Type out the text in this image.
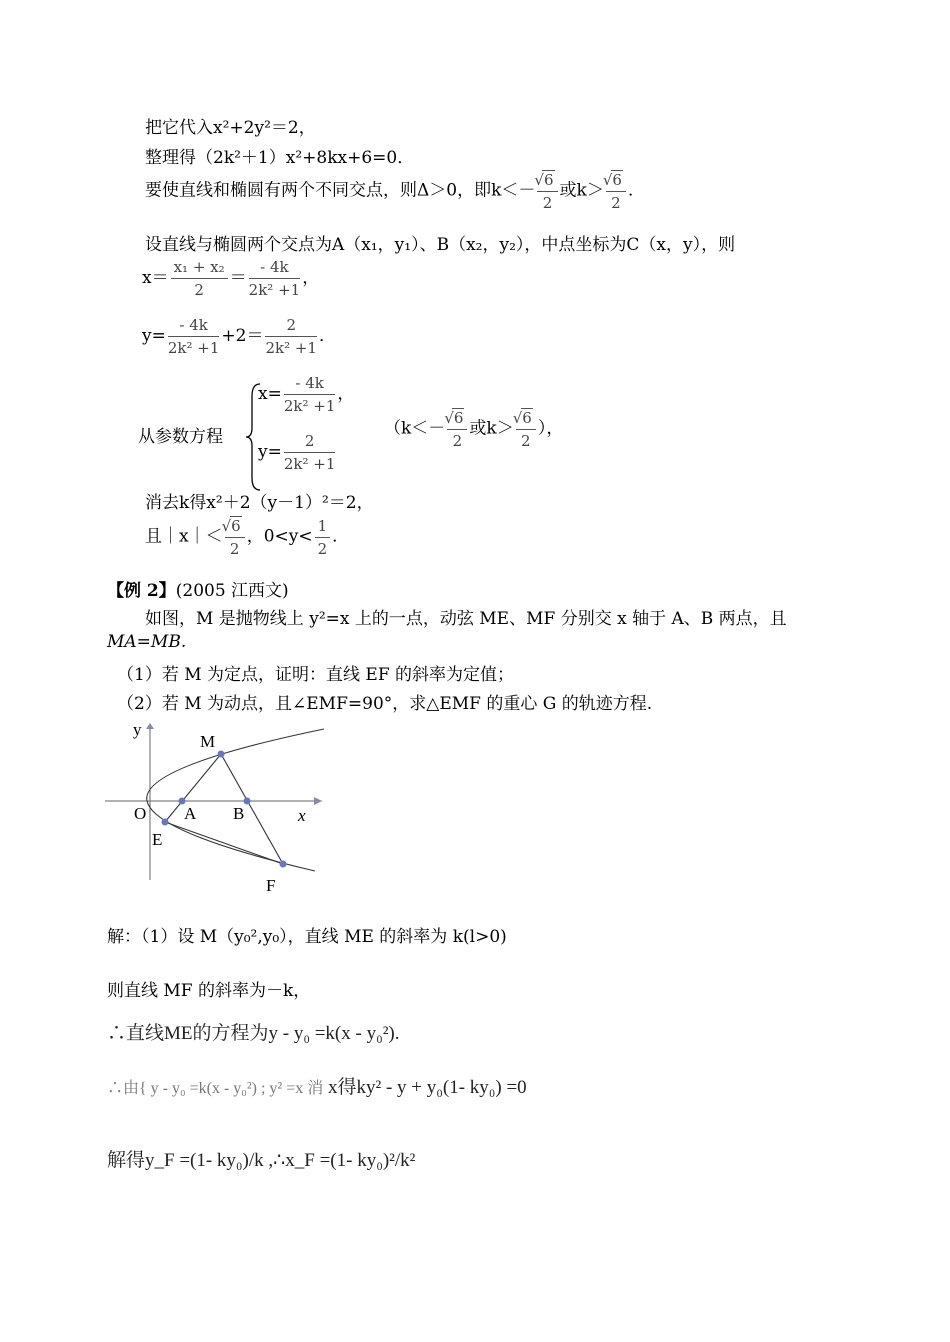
把它代入x²+2y²＝2，
整理得（2k²＋1）x²+8kx+6=0．
要使直线和椭圆有两个不同交点，则Δ＞0，即k＜－ √ $\frac{6}{2}$ 或k＞ √ $\frac{6}{2}$ ．
设直线与椭圆两个交点为A（x₁，y₁）、B（x₂，y₂），中点坐标为C（x，y），则
$x= \frac{\text{x₁ + x₂}}{2} = \frac{- 4k}{\text{2k² +1}}$ ，
$y= \frac{- 4k}{\text{2k² +1}} +2= \frac{2}{\text{2k² +1}}$ ．
从参数方程
$x= \frac{- 4k}{\text{2k² +1}}$ ，
$y= \frac{2}{\text{2k² +1}}$
（k＜－ √ $\frac{6}{2}$ 或k＞ √ $\frac{6}{2}$ ），
消去k得x²＋2（y－1）²＝2，
且｜x｜＜ √ $\frac{6}{2}$ ，$0<y< \frac{1}{2}$ ．
【例 2】(2005 江西文)
如图，M 是抛物线上 y²=x 上的一点，动弦 ME、MF 分别交 x 轴于 A、B 两点，且
MA=MB.
（1）若 M 为定点，证明：直线 EF 的斜率为定值；
（2）若 M 为动点，且∠EMF=90°，求△EMF 的重心 G 的轨迹方程.
y
M
O A B	x
E
F
解：（1）设 M（y₀²,y₀），直线 ME 的斜率为 k(l>0)
则直线 MF 的斜率为－k，
∴直线ME的方程为y - y₀ =k(x - y₀²).
∴由{ y - y₀ =k(x - y₀²) ; y² =x 消 x得ky² - y + y₀(1- ky₀) =0
解得y_F =(1- ky₀)/k ,∴x_F =(1- ky₀)²/k²
